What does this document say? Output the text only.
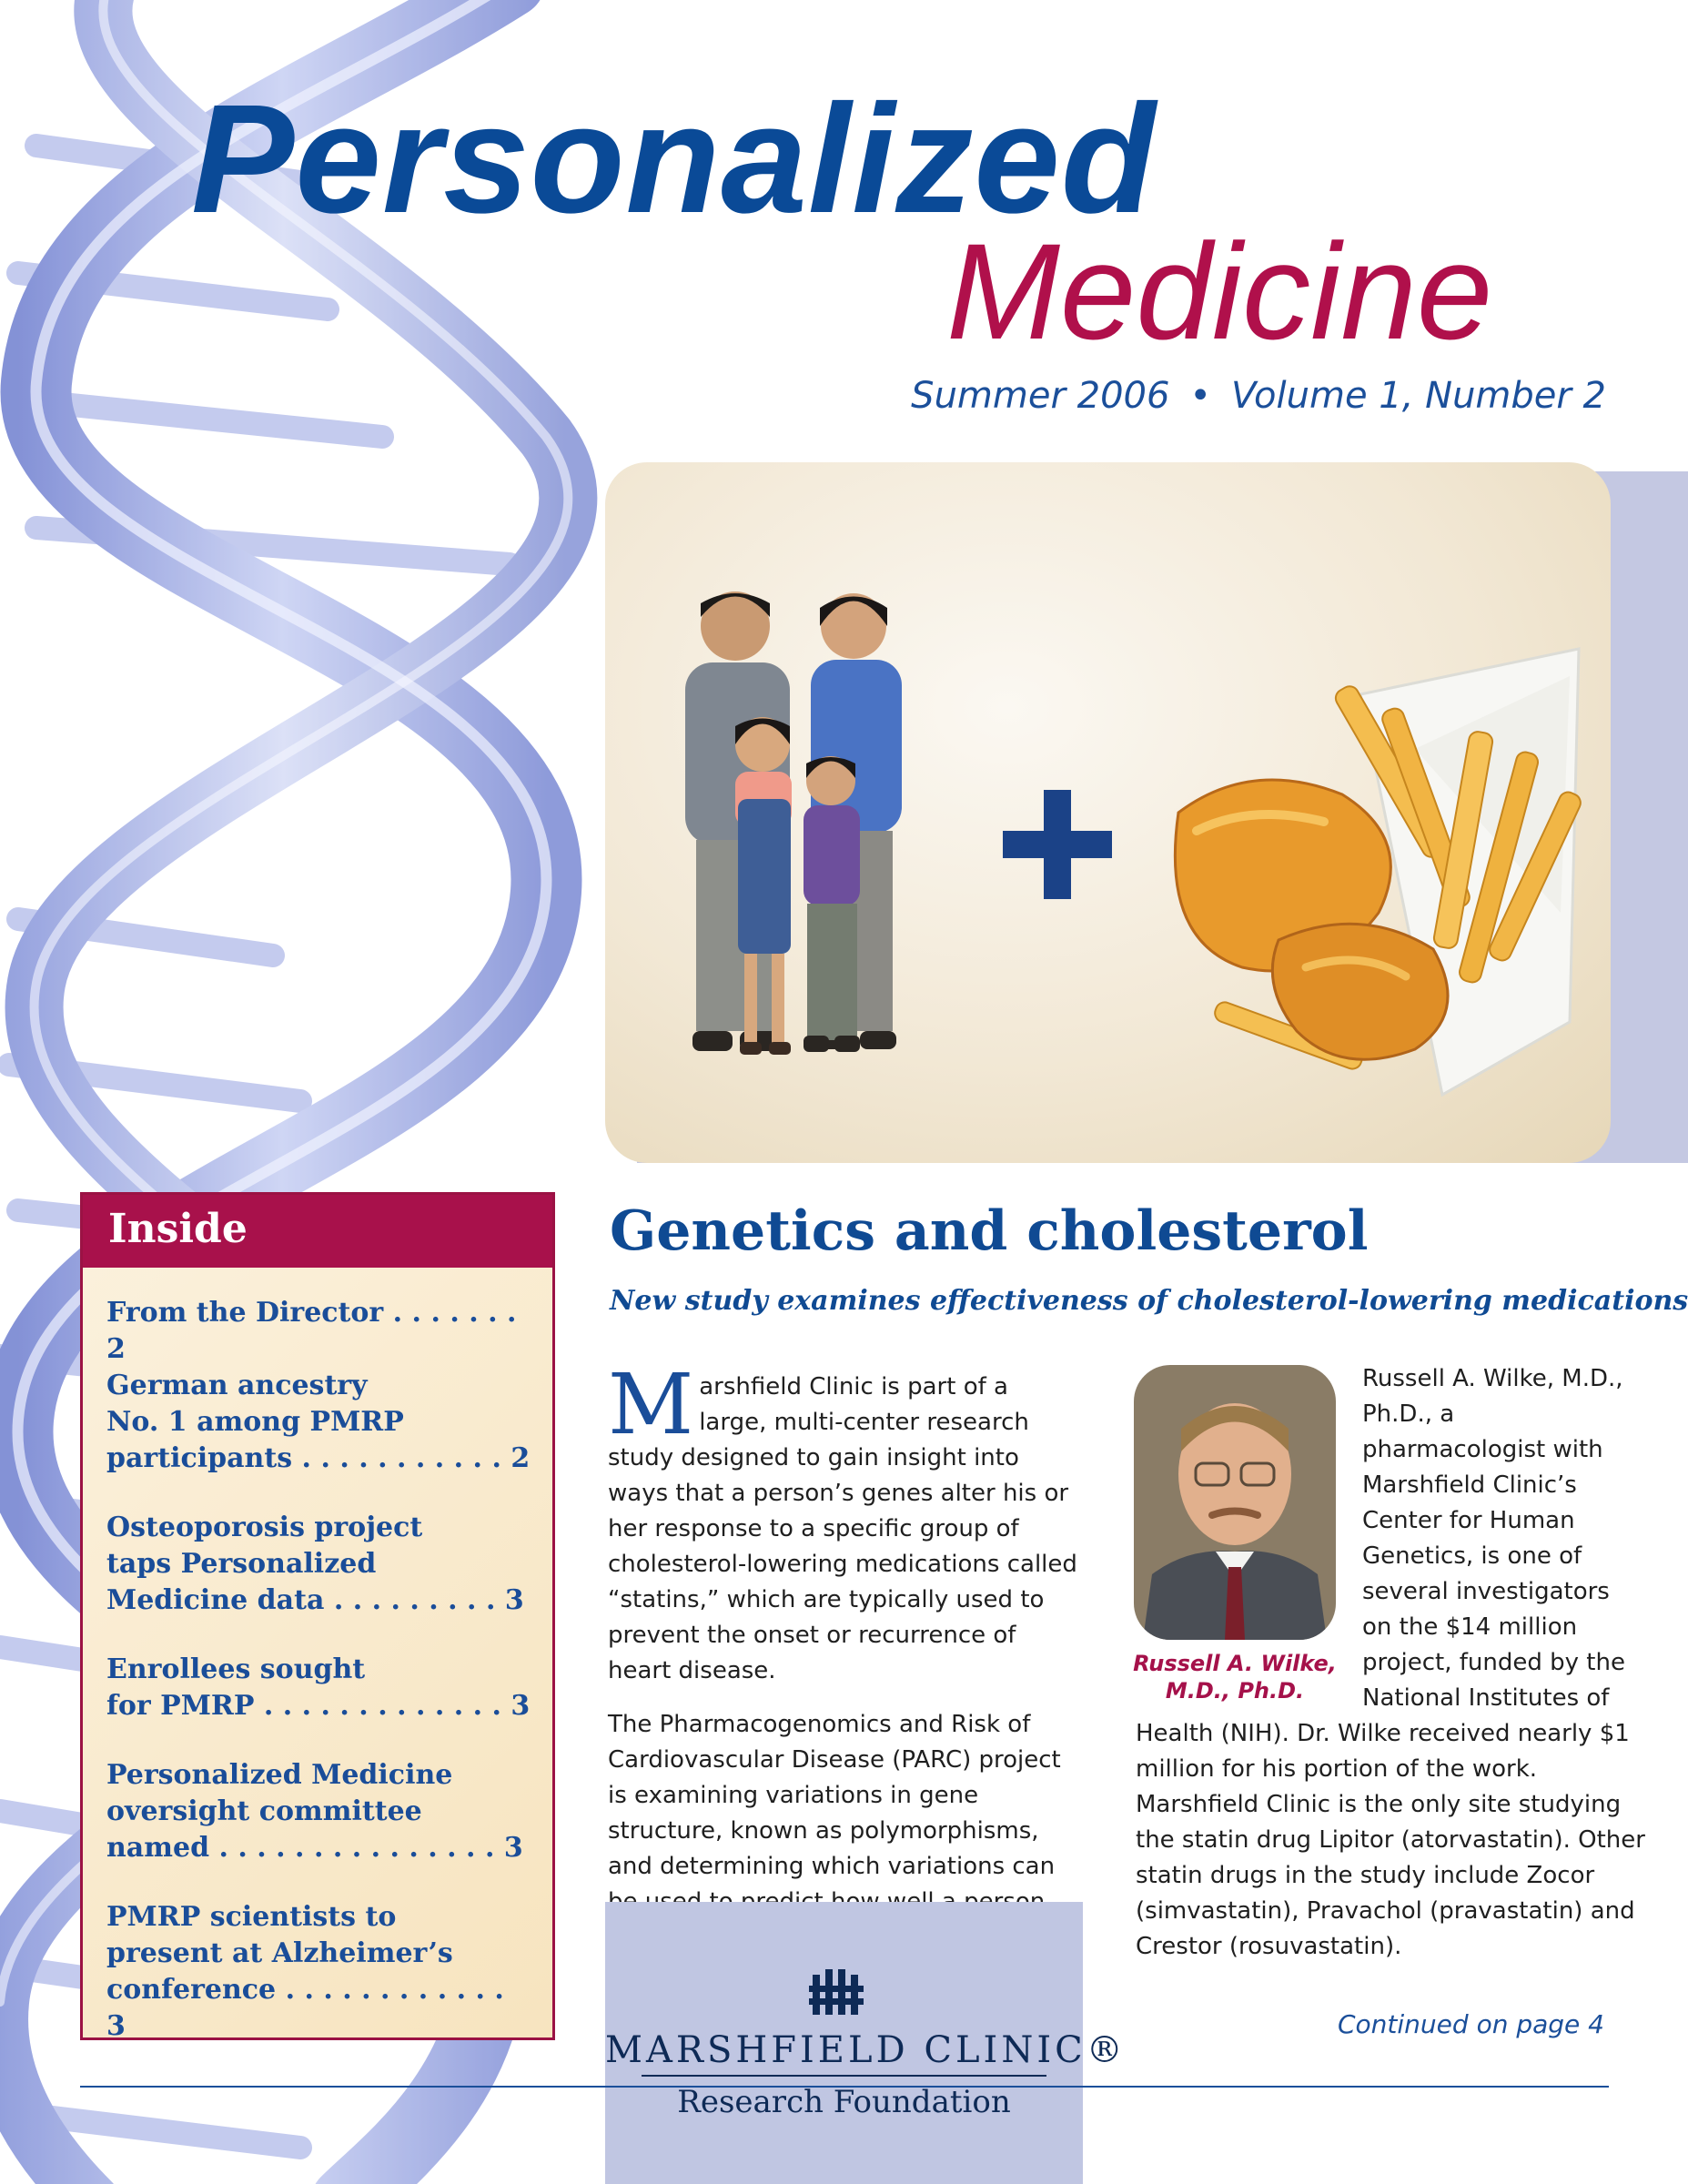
Personalized
Medicine
Summer 2006 • Volume 1, Number 2
Inside
From the Director . . . . . . . 2
German ancestry
No. 1 among PMRP
participants . . . . . . . . . . . 2
Osteoporosis project
taps Personalized
Medicine data . . . . . . . . . 3
Enrollees sought
for PMRP . . . . . . . . . . . . . 3
Personalized Medicine
oversight committee
named . . . . . . . . . . . . . . . 3
PMRP scientists to
present at Alzheimer’s
conference . . . . . . . . . . . . 3
Genetics and cholesterol
New study examines effectiveness of cholesterol-lowering medications

Marshfield Clinic is part of a large, multi-center research study designed to gain insight into ways that a person’s genes alter his or her response to a specific group of cholesterol-lowering medications called “statins,” which are typically used to prevent the onset or recurrence of heart disease.

The Pharmacogenomics and Risk of Cardiovascular Disease (PARC) project is examining variations in gene structure, known as polymorphisms, and determining which variations can

Russell A. Wilke,
M.D., Ph.D.
Russell A. Wilke, M.D., Ph.D., a pharmacologist with Marshfield Clinic’s Center for Human Genetics, is one of several investigators on the $14 million project, funded by the National Institutes of
Health (NIH). Dr. Wilke received nearly $1 million for his portion of the work. Marshfield Clinic is the only site studying the statin drug Lipitor (atorvastatin). Other statin drugs in the study include Zocor (simvastatin), Pravachol (pravastatin) and Crestor (rosuvastatin).
Continued on page 4
MARSHFIELD CLINIC®
Research Foundation
